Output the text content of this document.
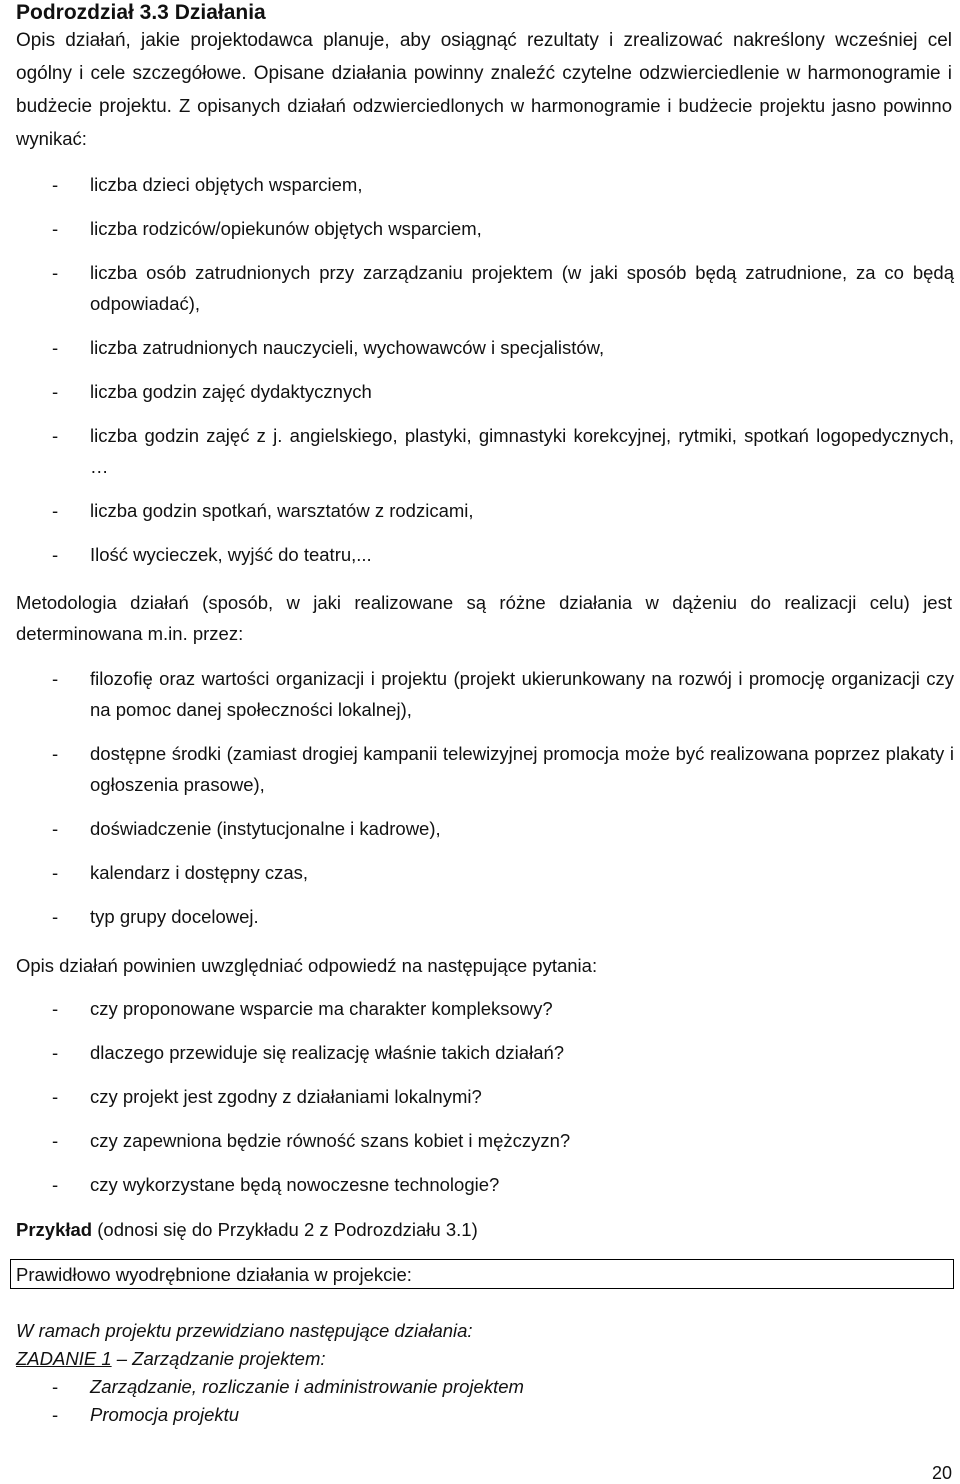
Podrozdział 3.3 Działania
Opis działań, jakie projektodawca planuje, aby osiągnąć rezultaty i zrealizować nakreślony wcześniej cel ogólny i cele szczegółowe. Opisane działania powinny znaleźć czytelne odzwierciedlenie w harmonogramie i budżecie projektu. Z opisanych działań odzwierciedlonych w harmonogramie i budżecie projektu jasno powinno wynikać:
- liczba dzieci objętych wsparciem,
- liczba rodziców/opiekunów objętych wsparciem,
- liczba osób zatrudnionych przy zarządzaniu projektem (w jaki sposób będą zatrudnione, za co będą odpowiadać),
- liczba zatrudnionych nauczycieli, wychowawców i specjalistów,
- liczba godzin zajęć dydaktycznych
- liczba godzin zajęć z j. angielskiego, plastyki, gimnastyki korekcyjnej, rytmiki, spotkań logopedycznych, …
- liczba godzin spotkań, warsztatów z rodzicami,
- Ilość wycieczek, wyjść do teatru,...
Metodologia działań (sposób, w jaki realizowane są różne działania w dążeniu do realizacji celu) jest determinowana m.in. przez:
- filozofię oraz wartości organizacji i projektu (projekt ukierunkowany na rozwój i promocję organizacji czy na pomoc danej społeczności lokalnej),
- dostępne środki (zamiast drogiej kampanii telewizyjnej promocja może być realizowana poprzez plakaty i ogłoszenia prasowe),
- doświadczenie (instytucjonalne i kadrowe),
- kalendarz i dostępny czas,
- typ grupy docelowej.
Opis działań powinien uwzględniać odpowiedź na następujące pytania:
- czy proponowane wsparcie ma charakter kompleksowy?
- dlaczego przewiduje się realizację właśnie takich działań?
- czy projekt jest zgodny z działaniami lokalnymi?
- czy zapewniona będzie równość szans kobiet i mężczyzn?
- czy wykorzystane będą nowoczesne technologie?
Przykład (odnosi się do Przykładu 2 z Podrozdziału 3.1)
Prawidłowo wyodrębnione działania w projekcie:
W ramach projektu przewidziano następujące działania:
ZADANIE 1 – Zarządzanie projektem:
- Zarządzanie, rozliczanie i administrowanie projektem
- Promocja projektu
20
